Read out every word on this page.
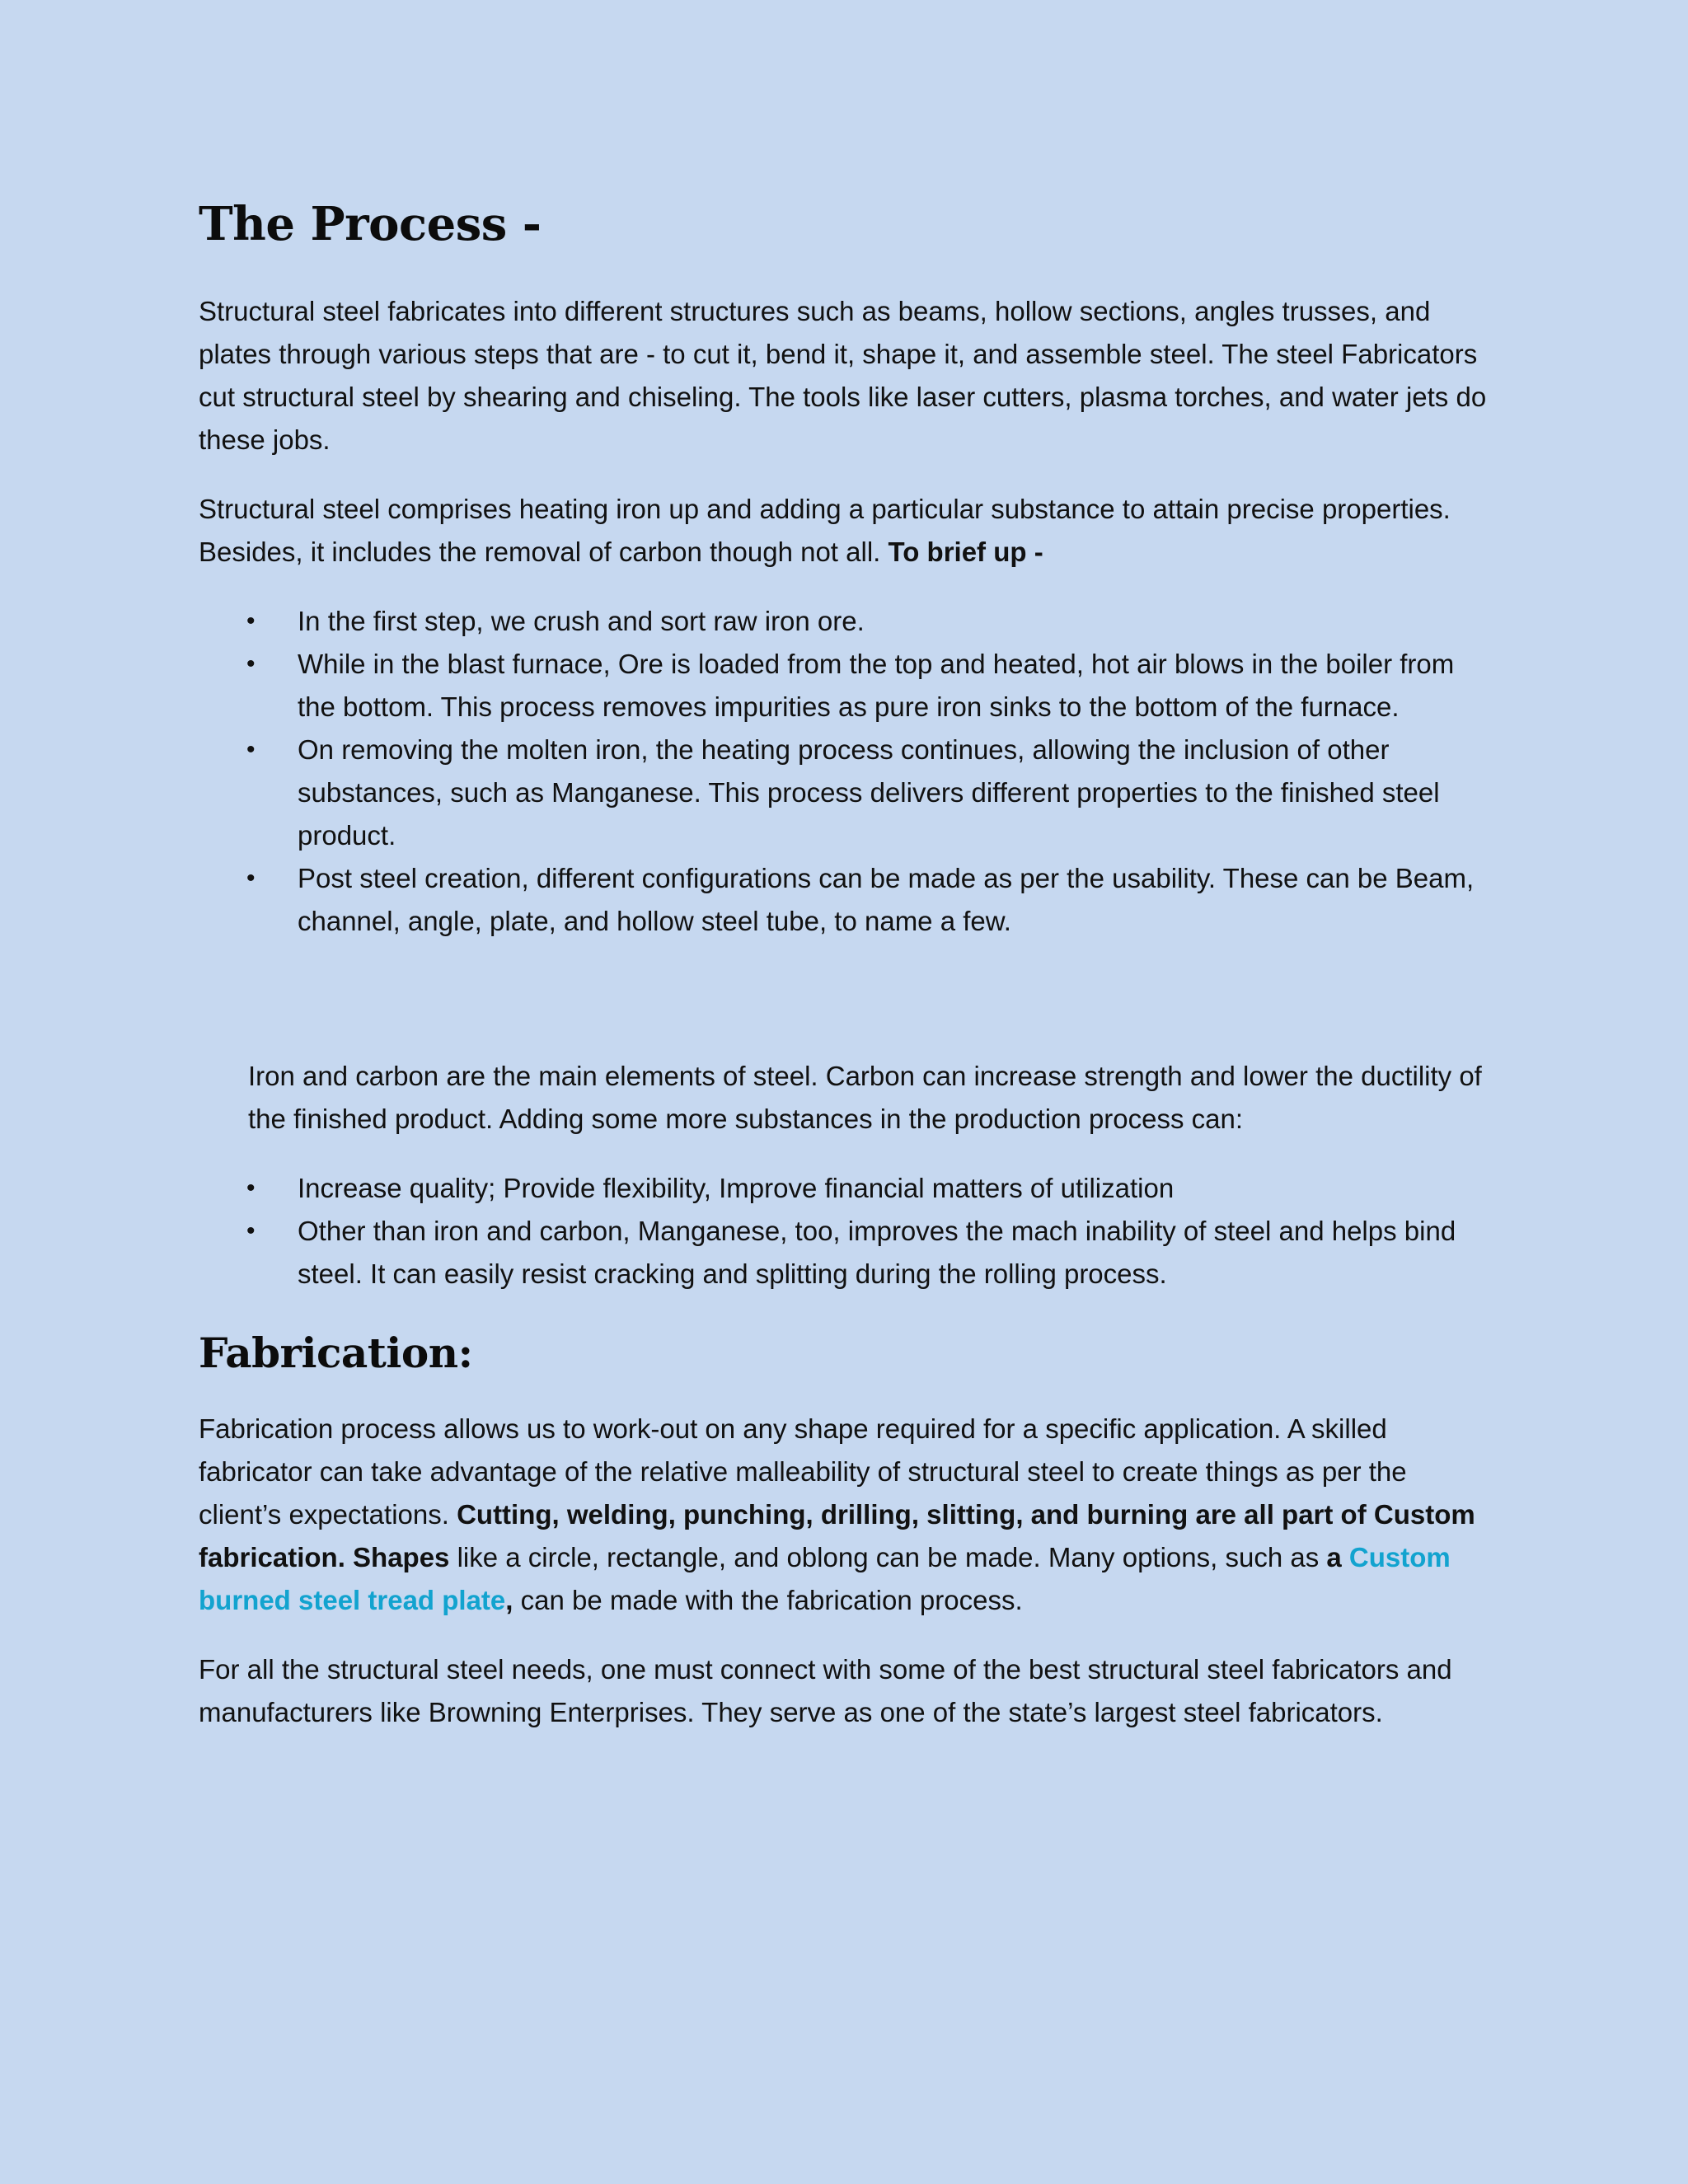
The Process -

Structural steel fabricates into different structures such as beams, hollow sections, angles trusses, and plates through various steps that are - to cut it, bend it, shape it, and assemble steel. The steel Fabricators cut structural steel by shearing and chiseling. The tools like laser cutters, plasma torches, and water jets do these jobs.

Structural steel comprises heating iron up and adding a particular substance to attain precise properties. Besides, it includes the removal of carbon though not all. To brief up -

• In the first step, we crush and sort raw iron ore.
• While in the blast furnace, Ore is loaded from the top and heated, hot air blows in the boiler from the bottom. This process removes impurities as pure iron sinks to the bottom of the furnace.
• On removing the molten iron, the heating process continues, allowing the inclusion of other substances, such as Manganese. This process delivers different properties to the finished steel product.
• Post steel creation, different configurations can be made as per the usability. These can be Beam, channel, angle, plate, and hollow steel tube, to name a few.

Iron and carbon are the main elements of steel. Carbon can increase strength and lower the ductility of the finished product. Adding some more substances in the production process can:

• Increase quality; Provide flexibility, Improve financial matters of utilization
• Other than iron and carbon, Manganese, too, improves the mach inability of steel and helps bind steel. It can easily resist cracking and splitting during the rolling process.
Fabrication:

Fabrication process allows us to work-out on any shape required for a specific application. A skilled fabricator can take advantage of the relative malleability of structural steel to create things as per the client’s expectations. Cutting, welding, punching, drilling, slitting, and burning are all part of Custom fabrication. Shapes like a circle, rectangle, and oblong can be made. Many options, such as a Custom burned steel tread plate, can be made with the fabrication process.

For all the structural steel needs, one must connect with some of the best structural steel fabricators and manufacturers like Browning Enterprises. They serve as one of the state’s largest steel fabricators.
